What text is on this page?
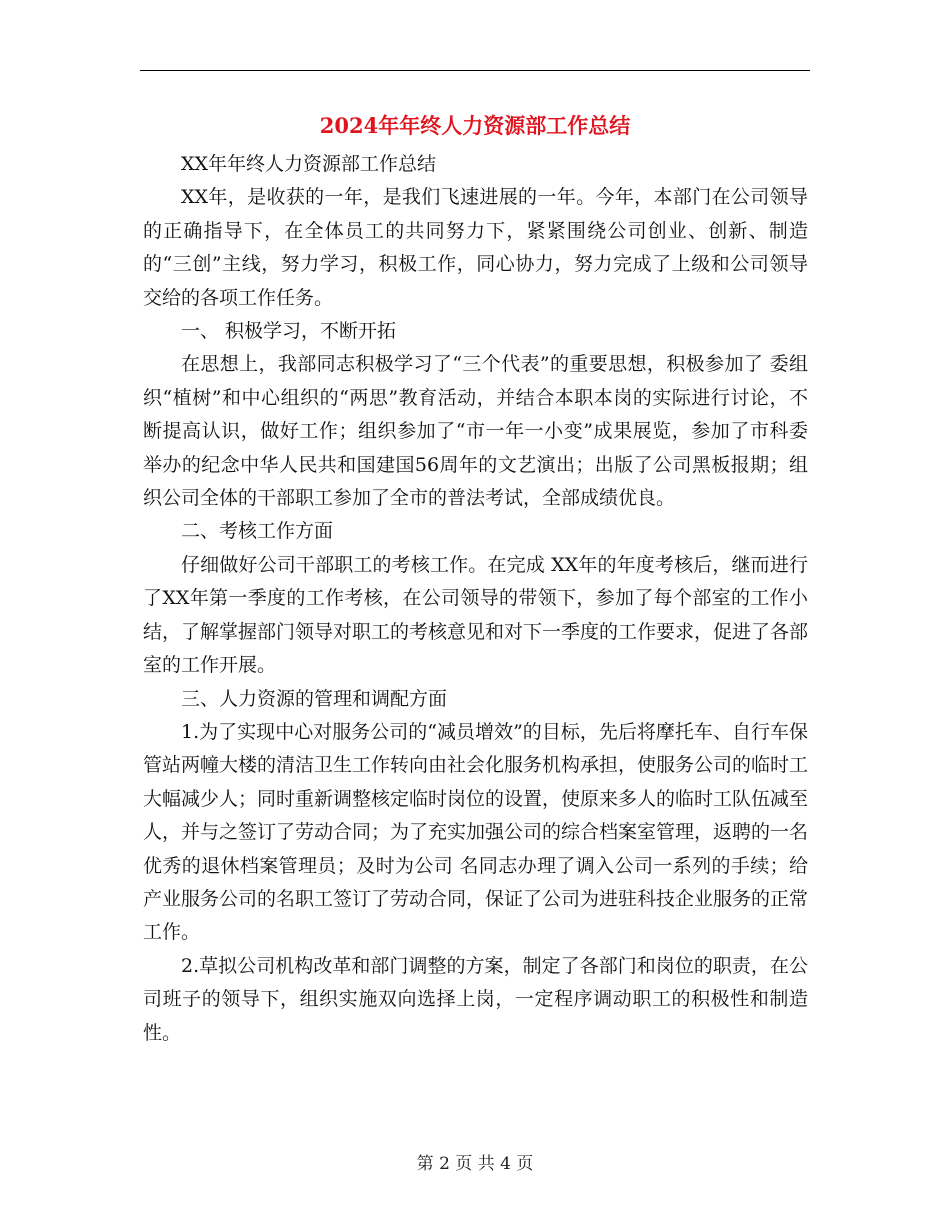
2024年年终人力资源部工作总结

XX年年终人力资源部工作总结

XX年，是收获的一年，是我们飞速进展的一年。今年，本部门在公司领导的正确指导下，在全体员工的共同努力下，紧紧围绕公司创业、创新、制造的“三创”主线，努力学习，积极工作，同心协力，努力完成了上级和公司领导交给的各项工作任务。

一、 积极学习，不断开拓

在思想上，我部同志积极学习了“三个代表”的重要思想，积极参加了 委组织“植树”和中心组织的“两思”教育活动，并结合本职本岗的实际进行讨论，不断提高认识，做好工作；组织参加了“市一年一小变”成果展览，参加了市科委举办的纪念中华人民共和国建国56周年的文艺演出；出版了公司黑板报期；组织公司全体的干部职工参加了全市的普法考试，全部成绩优良。

二、考核工作方面

仔细做好公司干部职工的考核工作。在完成 XX年的年度考核后，继而进行了XX年第一季度的工作考核，在公司领导的带领下，参加了每个部室的工作小结，了解掌握部门领导对职工的考核意见和对下一季度的工作要求，促进了各部室的工作开展。

三、人力资源的管理和调配方面

1.为了实现中心对服务公司的“减员增效”的目标，先后将摩托车、自行车保管站两幢大楼的清洁卫生工作转向由社会化服务机构承担，使服务公司的临时工大幅减少人；同时重新调整核定临时岗位的设置，使原来多人的临时工队伍减至 人，并与之签订了劳动合同；为了充实加强公司的综合档案室管理，返聘的一名优秀的退休档案管理员；及时为公司 名同志办理了调入公司一系列的手续；给产业服务公司的名职工签订了劳动合同，保证了公司为进驻科技企业服务的正常工作。

2.草拟公司机构改革和部门调整的方案，制定了各部门和岗位的职责，在公司班子的领导下，组织实施双向选择上岗，一定程序调动职工的积极性和制造性。

第 2 页 共 4 页
